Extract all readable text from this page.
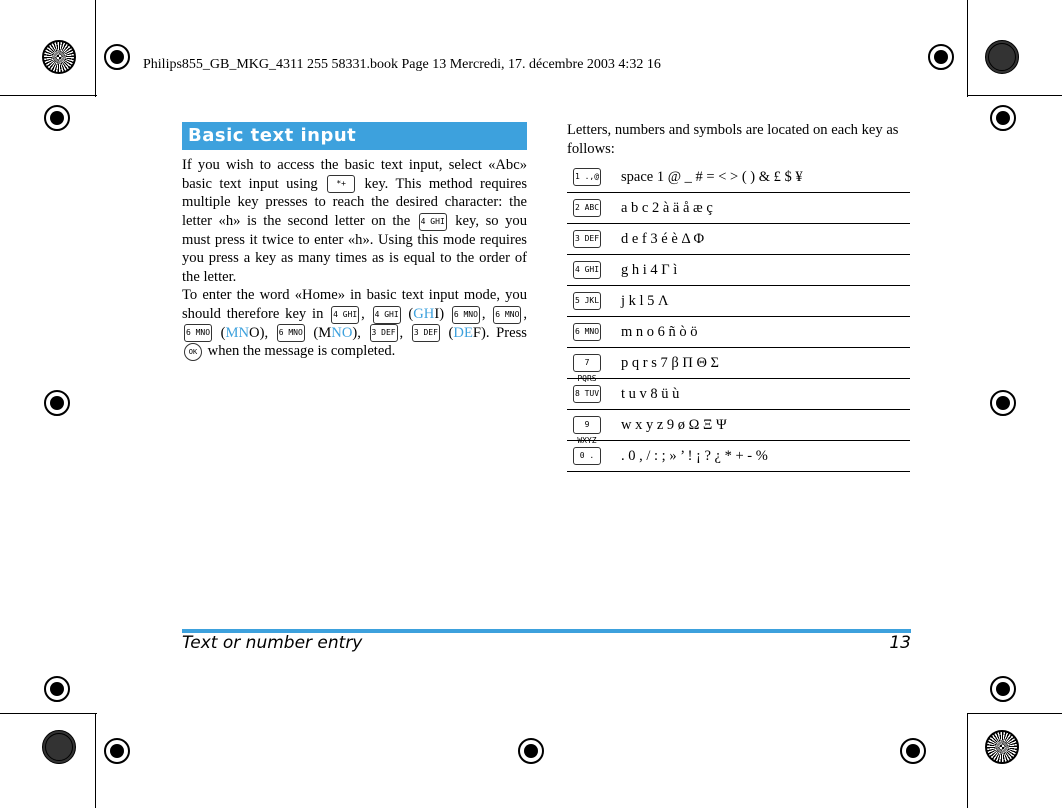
Philips855_GB_MKG_4311 255 58331.book Page 13 Mercredi, 17. décembre 2003 4:32 16
Basic text input
If you wish to access the basic text input, select «Abc» basic text input using *+ key. This method requires multiple key presses to reach the desired character: the letter «h» is the second letter on the 4 GHI key, so you must press it twice to enter «h». Using this mode requires you press a key as many times as is equal to the order of the letter.
To enter the word «Home» in basic text input mode, you should therefore key in 4 GHI , 4 GHI (GHI) 6 MNO , 6 MNO , 6 MNO (MNO), 6 MNO (MNO), 3 DEF , 3 DEF (DEF). Press OK when the message is completed.
Letters, numbers and symbols are located on each key as follows:
1 .,@	space 1 @ _ # = < > ( ) & £ $ ¥
2 ABC	a b c 2 à ä å æ ç
3 DEF	d e f 3 é è Δ Φ
4 GHI	g h i 4 Γ ì
5 JKL	j k l 5 Λ
6 MNO	m n o 6 ñ ò ö
7 PQRS	p q r s 7 β Π Θ Σ
8 TUV	t u v 8 ü ù
9 WXYZ	w x y z 9 ø Ω Ξ Ψ
0 .	. 0 , / : ; » ’ ! ¡ ? ¿ * + - %
Text or number entry	13
